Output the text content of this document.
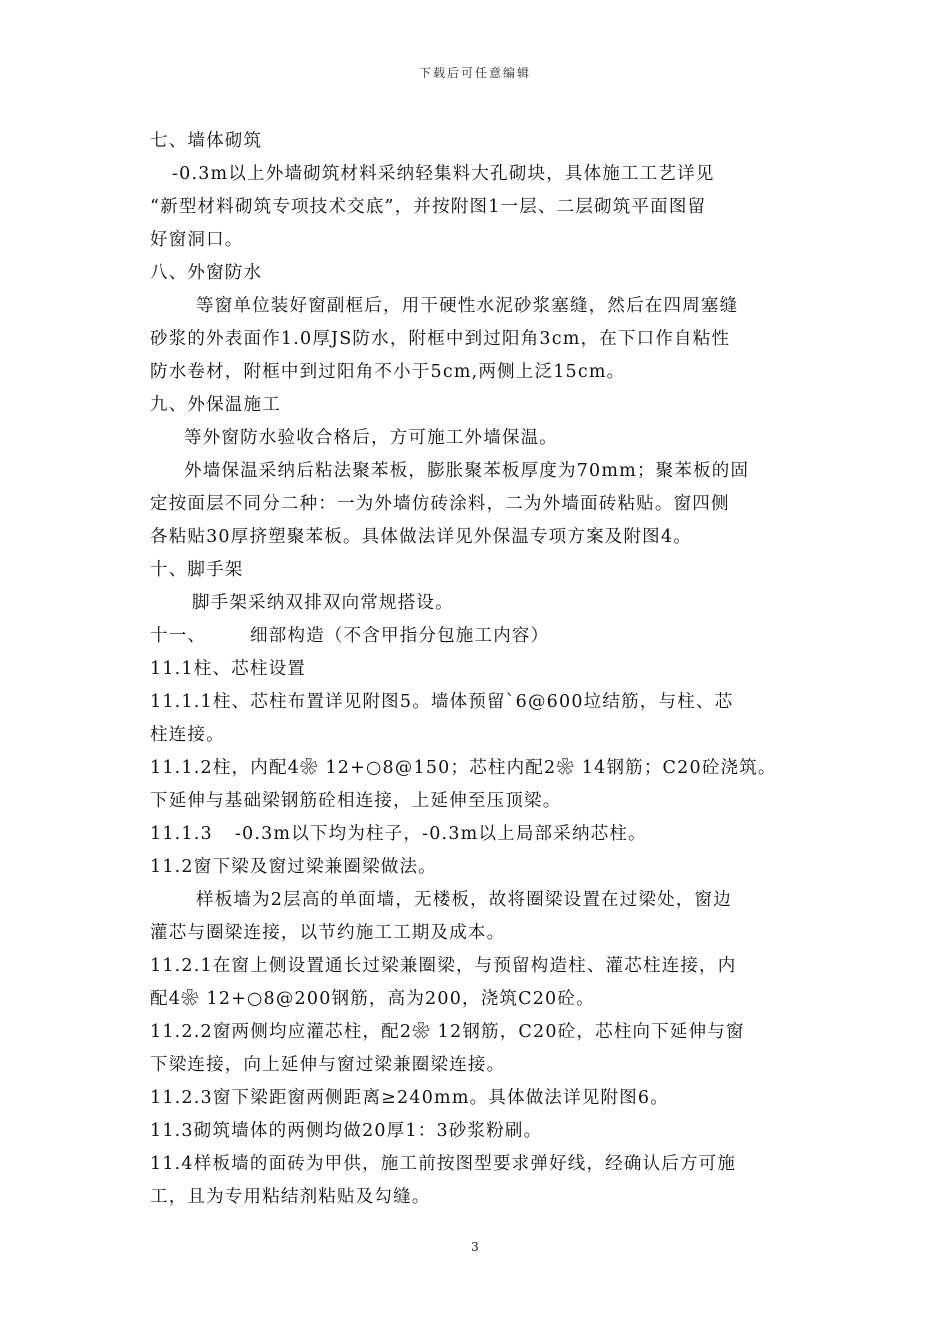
下载后可任意编辑
七、墙体砌筑
-0.3m以上外墙砌筑材料采纳轻集料大孔砌块，具体施工工艺详见
“新型材料砌筑专项技术交底”，并按附图1一层、二层砌筑平面图留
好窗洞口。
八、外窗防水
等窗单位装好窗副框后，用干硬性水泥砂浆塞缝，然后在四周塞缝
砂浆的外表面作1.0厚JS防水，附框中到过阳角3cm，在下口作自粘性
防水卷材，附框中到过阳角不小于5cm,两侧上泛15cm。
九、外保温施工
等外窗防水验收合格后，方可施工外墙保温。
外墙保温采纳后粘法聚苯板，膨胀聚苯板厚度为70mm；聚苯板的固
定按面层不同分二种：一为外墙仿砖涂料，二为外墙面砖粘贴。窗四侧
各粘贴30厚挤塑聚苯板。具体做法详见外保温专项方案及附图4。
十、脚手架
脚手架采纳双排双向常规搭设。
十一、	细部构造（不含甲指分包施工内容）
11.1柱、芯柱设置
11.1.1柱、芯柱布置详见附图5。墙体预留`6@600垃结筋，与柱、芯
柱连接。
11.1.2柱，内配4❀ 12+○8@150；芯柱内配2❀ 14钢筋；C20砼浇筑。
下延伸与基础梁钢筋砼相连接，上延伸至压顶梁。
11.1.3 -0.3m以下均为柱子，-0.3m以上局部采纳芯柱。
11.2窗下梁及窗过梁兼圈梁做法。
样板墙为2层高的单面墙，无楼板，故将圈梁设置在过梁处，窗边
灌芯与圈梁连接，以节约施工工期及成本。
11.2.1在窗上侧设置通长过梁兼圈梁，与预留构造柱、灌芯柱连接，内
配4❀ 12+○8@200钢筋，高为200，浇筑C20砼。
11.2.2窗两侧均应灌芯柱，配2❀ 12钢筋，C20砼，芯柱向下延伸与窗
下梁连接，向上延伸与窗过梁兼圈梁连接。
11.2.3窗下梁距窗两侧距离≥240mm。具体做法详见附图6。
11.3砌筑墙体的两侧均做20厚1：3砂浆粉刷。
11.4样板墙的面砖为甲供，施工前按图型要求弹好线，经确认后方可施
工，且为专用粘结剂粘贴及勾缝。
3
